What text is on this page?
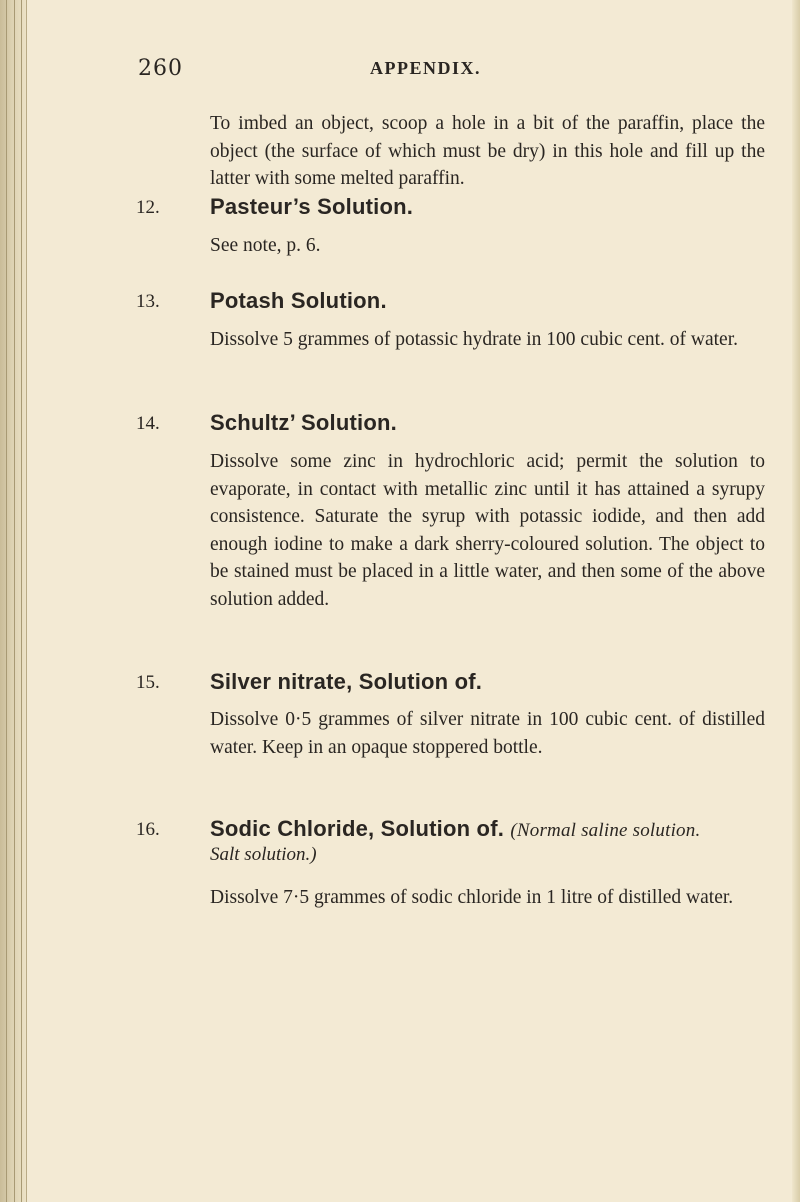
260	APPENDIX.

To imbed an object, scoop a hole in a bit of the paraffin, place the object (the surface of which must be dry) in this hole and fill up the latter with some melted paraffin.

12.	Pasteur’s Solution.

See note, p. 6.

13.	Potash Solution.

Dissolve 5 grammes of potassic hydrate in 100 cubic cent. of water.

14.	Schultz’ Solution.

Dissolve some zinc in hydrochloric acid; permit the solution to evaporate, in contact with metallic zinc until it has attained a syrupy consistence. Saturate the syrup with potassic iodide, and then add enough iodine to make a dark sherry-coloured solution. The object to be stained must be placed in a little water, and then some of the above solution added.

15.	Silver nitrate, Solution of.

Dissolve 0·5 grammes of silver nitrate in 100 cubic cent. of distilled water. Keep in an opaque stoppered bottle.

16.	Sodic Chloride, Solution of. (Normal saline solution.
Salt solution.)

Dissolve 7·5 grammes of sodic chloride in 1 litre of distilled water.
